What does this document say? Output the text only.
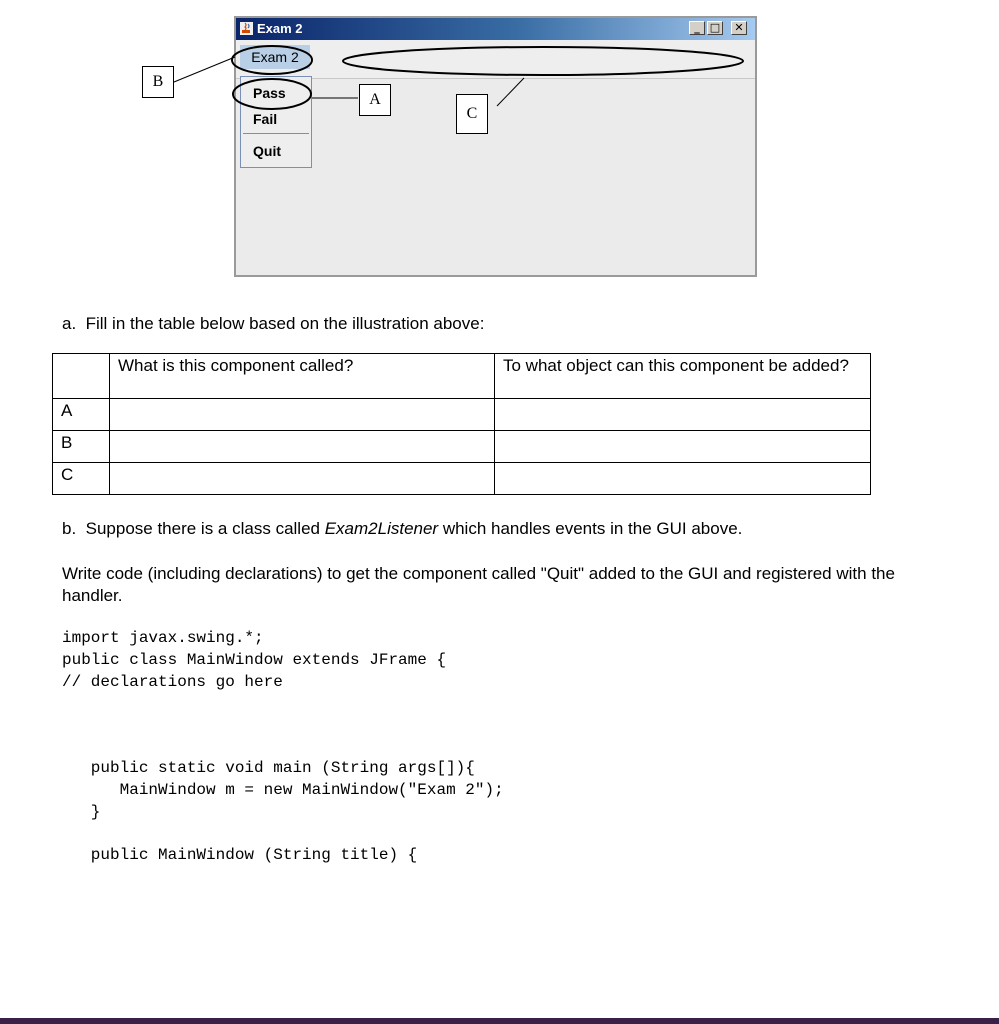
Exam 2	_ □	✕
Exam 2
Pass
Fail
Quit
B
A
C
a.  Fill in the table below based on the illustration above:
	What is this component called?	To what object can this component be added?
A		
B		
C		
b.  Suppose there is a class called Exam2Listener which handles events in the GUI above.
Write code (including declarations) to get the component called "Quit" added to the GUI and registered with the handler.
import javax.swing.*;
public class MainWindow extends JFrame {
// declarations go here
public static void main (String args[]){
MainWindow m = new MainWindow("Exam 2");
}
public MainWindow (String title) {
